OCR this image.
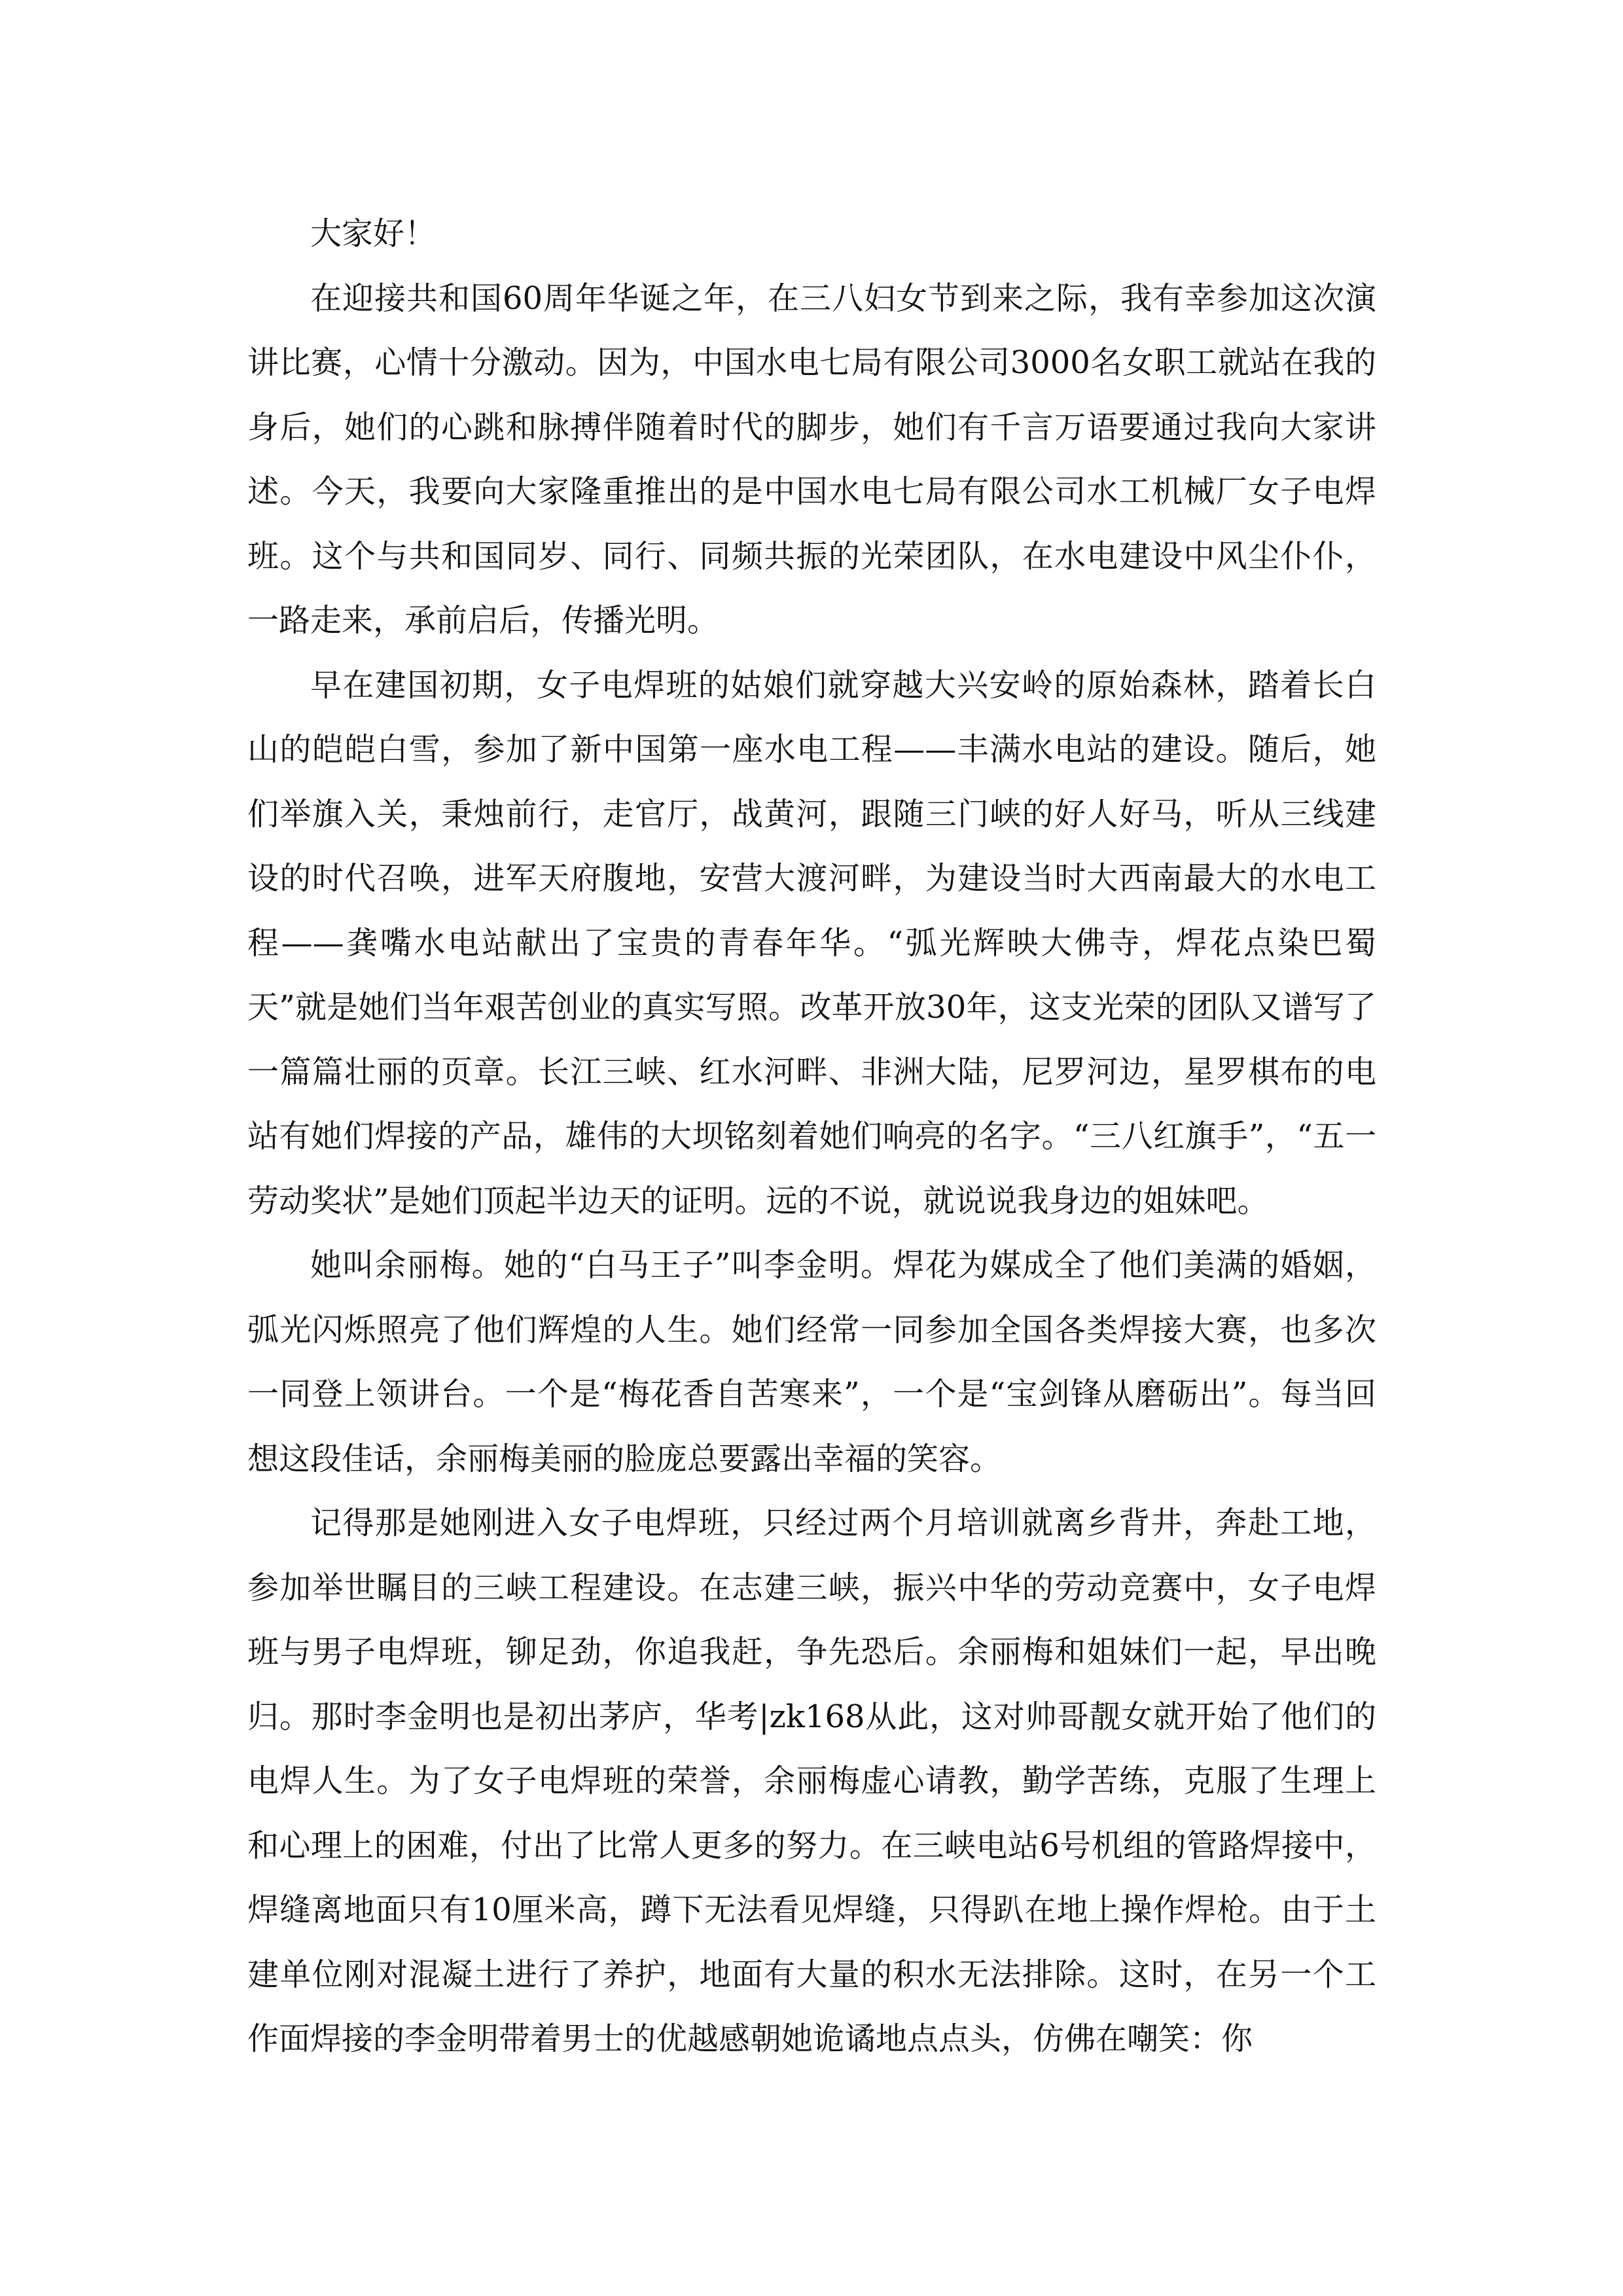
大家好！

在迎接共和国60周年华诞之年，在三八妇女节到来之际，我有幸参加这次演讲比赛，心情十分激动。因为，中国水电七局有限公司3000名女职工就站在我的身后，她们的心跳和脉搏伴随着时代的脚步，她们有千言万语要通过我向大家讲述。今天，我要向大家隆重推出的是中国水电七局有限公司水工机械厂女子电焊班。这个与共和国同岁、同行、同频共振的光荣团队，在水电建设中风尘仆仆，一路走来，承前启后，传播光明。

早在建国初期，女子电焊班的姑娘们就穿越大兴安岭的原始森林，踏着长白山的皑皑白雪，参加了新中国第一座水电工程——丰满水电站的建设。随后，她们举旗入关，秉烛前行，走官厅，战黄河，跟随三门峡的好人好马，听从三线建设的时代召唤，进军天府腹地，安营大渡河畔，为建设当时大西南最大的水电工程——龚嘴水电站献出了宝贵的青春年华。“弧光辉映大佛寺，焊花点染巴蜀天”就是她们当年艰苦创业的真实写照。改革开放30年，这支光荣的团队又谱写了一篇篇壮丽的页章。长江三峡、红水河畔、非洲大陆，尼罗河边，星罗棋布的电站有她们焊接的产品，雄伟的大坝铭刻着她们响亮的名字。“三八红旗手”，“五一劳动奖状”是她们顶起半边天的证明。远的不说，就说说我身边的姐妹吧。

她叫余丽梅。她的“白马王子”叫李金明。焊花为媒成全了他们美满的婚姻，弧光闪烁照亮了他们辉煌的人生。她们经常一同参加全国各类焊接大赛，也多次一同登上领讲台。一个是“梅花香自苦寒来”，一个是“宝剑锋从磨砺出”。每当回想这段佳话，余丽梅美丽的脸庞总要露出幸福的笑容。

记得那是她刚进入女子电焊班，只经过两个月培训就离乡背井，奔赴工地，参加举世瞩目的三峡工程建设。在志建三峡，振兴中华的劳动竞赛中，女子电焊班与男子电焊班，铆足劲，你追我赶，争先恐后。余丽梅和姐妹们一起，早出晚归。那时李金明也是初出茅庐，华考|zk168从此，这对帅哥靓女就开始了他们的电焊人生。为了女子电焊班的荣誉，余丽梅虚心请教，勤学苦练，克服了生理上和心理上的困难，付出了比常人更多的努力。在三峡电站6号机组的管路焊接中，焊缝离地面只有10厘米高，蹲下无法看见焊缝，只得趴在地上操作焊枪。由于土建单位刚对混凝土进行了养护，地面有大量的积水无法排除。这时，在另一个工作面焊接的李金明带着男士的优越感朝她诡谲地点点头，仿佛在嘲笑：你
